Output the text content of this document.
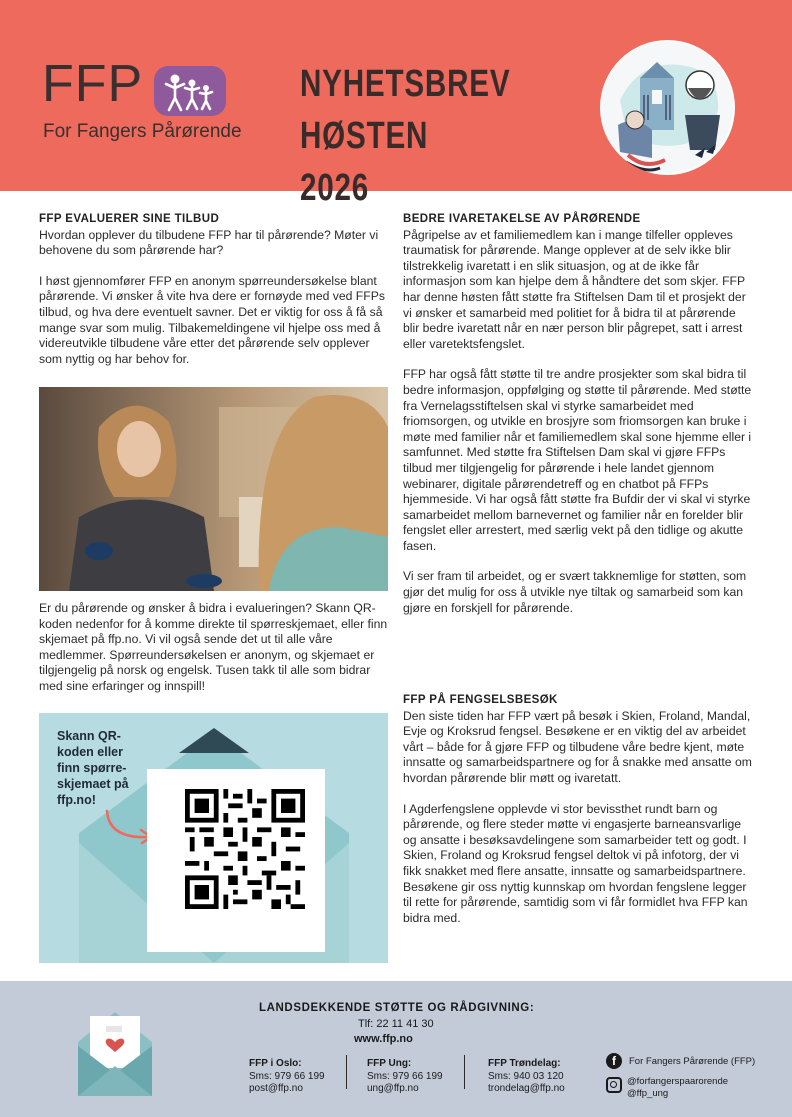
FFP
For Fangers Pårørende
NYHETSBREV
HØSTEN 2026
FFP EVALUERER SINE TILBUD

Hvordan opplever du tilbudene FFP har til pårørende? Møter vi behovene du som pårørende har?

I høst gjennomfører FFP en anonym spørreundersøkelse blant pårørende. Vi ønsker å vite hva dere er fornøyde med ved FFPs tilbud, og hva dere eventuelt savner. Det er viktig for oss å få så mange svar som mulig. Tilbakemeldingene vil hjelpe oss med å videreutvikle tilbudene våre etter det pårørende selv opplever som nyttig og har behov for.

Er du pårørende og ønsker å bidra i evalueringen? Skann QR-koden nedenfor for å komme direkte til spørreskjemaet, eller finn skjemaet på ffp.no. Vi vil også sende det ut til alle våre medlemmer. Spørreundersøkelsen er anonym, og skjemaet er tilgjengelig på norsk og engelsk. Tusen takk til alle som bidrar med sine erfaringer og innspill!

Skann QR-koden eller finn spørre-skjemaet på ffp.no!
BEDRE IVARETAKELSE AV PÅRØRENDE

Pågripelse av et familiemedlem kan i mange tilfeller oppleves traumatisk for pårørende. Mange opplever at de selv ikke blir tilstrekkelig ivaretatt i en slik situasjon, og at de ikke får informasjon som kan hjelpe dem å håndtere det som skjer. FFP har denne høsten fått støtte fra Stiftelsen Dam til et prosjekt der vi ønsker et samarbeid med politiet for å bidra til at pårørende blir bedre ivaretatt når en nær person blir pågrepet, satt i arrest eller varetektsfengslet.

FFP har også fått støtte til tre andre prosjekter som skal bidra til bedre informasjon, oppfølging og støtte til pårørende. Med støtte fra Vernelagsstiftelsen skal vi styrke samarbeidet med friomsorgen, og utvikle en brosjyre som friomsorgen kan bruke i møte med familier når et familiemedlem skal sone hjemme eller i samfunnet. Med støtte fra Stiftelsen Dam skal vi gjøre FFPs tilbud mer tilgjengelig for pårørende i hele landet gjennom webinarer, digitale pårørendetreff og en chatbot på FFPs hjemmeside. Vi har også fått støtte fra Bufdir der vi skal vi styrke samarbeidet mellom barnevernet og familier når en forelder blir fengslet eller arrestert, med særlig vekt på den tidlige og akutte fasen.

Vi ser fram til arbeidet, og er svært takknemlige for støtten, som gjør det mulig for oss å utvikle nye tiltak og samarbeid som kan gjøre en forskjell for pårørende.

FFP PÅ FENGSELSBESØK

Den siste tiden har FFP vært på besøk i Skien, Froland, Mandal, Evje og Kroksrud fengsel. Besøkene er en viktig del av arbeidet vårt – både for å gjøre FFP og tilbudene våre bedre kjent, møte innsatte og samarbeidspartnere og for å snakke med ansatte om hvordan pårørende blir møtt og ivaretatt.

I Agderfengslene opplevde vi stor bevissthet rundt barn og pårørende, og flere steder møtte vi engasjerte barneansvarlige og ansatte i besøksavdelingene som samarbeider tett og godt. I Skien, Froland og Kroksrud fengsel deltok vi på infotorg, der vi fikk snakket med flere ansatte, innsatte og samarbeidspartnere. Besøkene gir oss nyttig kunnskap om hvordan fengslene legger til rette for pårørende, samtidig som vi får formidlet hva FFP kan bidra med.

LANDSDEKKENDE STØTTE OG RÅDGIVNING:
Tlf: 22 11 41 30
www.ffp.no
FFP i Oslo:
Sms: 979 66 199
post@ffp.no
FFP Ung:
Sms: 979 66 199
ung@ffp.no
FFP Trøndelag:
Sms: 940 03 120
trondelag@ffp.no
f	For Fangers Pårørende (FFP)
@forfangerspaarorende
@ffp_ung
